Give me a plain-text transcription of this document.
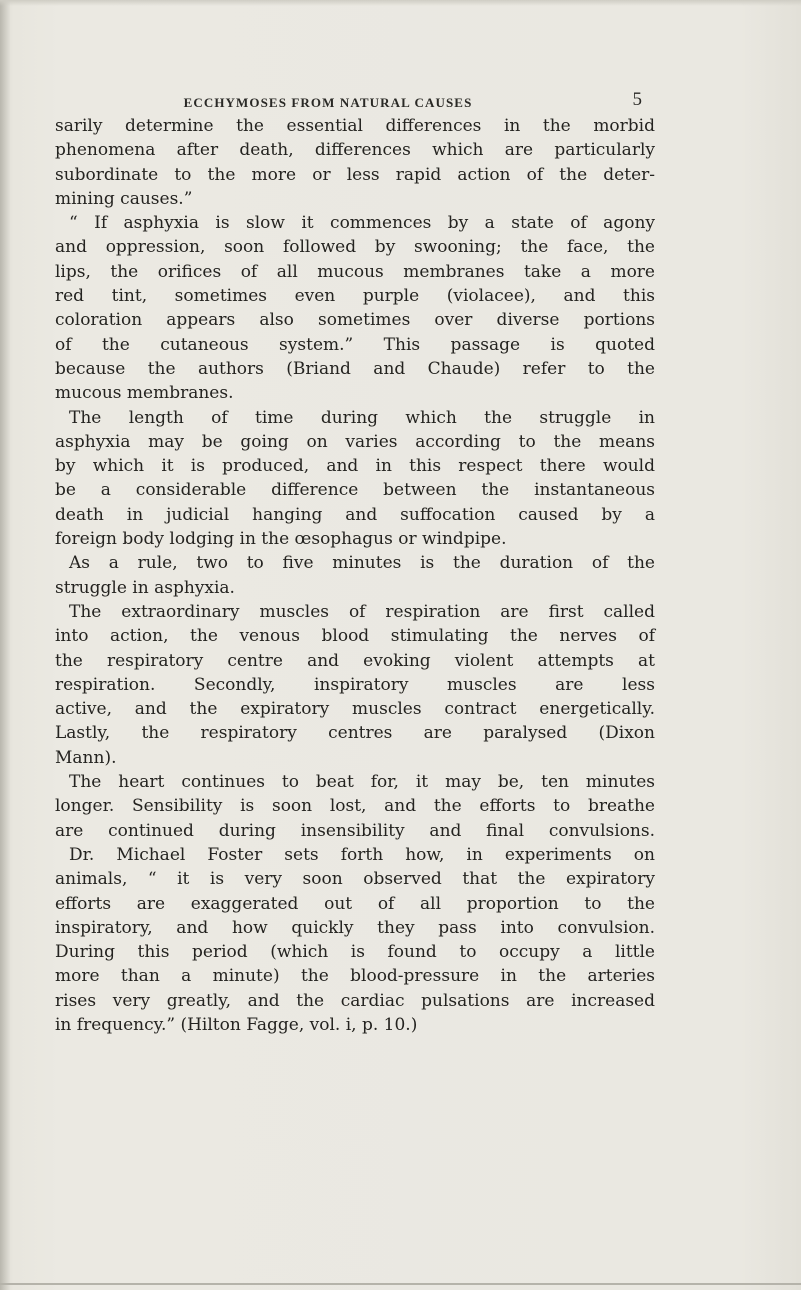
ECCHYMOSES FROM NATURAL CAUSES	5
sarily determine the essential differences in the morbid
phenomena after death, differences which are particularly
subordinate to the more or less rapid action of the deter-
mining causes.”
“ If asphyxia is slow it commences by a state of agony
and oppression, soon followed by swooning; the face, the
lips, the orifices of all mucous membranes take a more
red tint, sometimes even purple (violacee), and this
coloration appears also sometimes over diverse portions
of the cutaneous system.” This passage is quoted
because the authors (Briand and Chaude) refer to the
mucous membranes.
The length of time during which the struggle in
asphyxia may be going on varies according to the means
by which it is produced, and in this respect there would
be a considerable difference between the instantaneous
death in judicial hanging and suffocation caused by a
foreign body lodging in the œsophagus or windpipe.
As a rule, two to five minutes is the duration of the
struggle in asphyxia.
The extraordinary muscles of respiration are first called
into action, the venous blood stimulating the nerves of
the respiratory centre and evoking violent attempts at
respiration. Secondly, inspiratory muscles are less
active, and the expiratory muscles contract energetically.
Lastly, the respiratory centres are paralysed (Dixon
Mann).
The heart continues to beat for, it may be, ten minutes
longer. Sensibility is soon lost, and the efforts to breathe
are continued during insensibility and final convulsions.
Dr. Michael Foster sets forth how, in experiments on
animals, “ it is very soon observed that the expiratory
efforts are exaggerated out of all proportion to the
inspiratory, and how quickly they pass into convulsion.
During this period (which is found to occupy a little
more than a minute) the blood-pressure in the arteries
rises very greatly, and the cardiac pulsations are increased
in frequency.” (Hilton Fagge, vol. i, p. 10.)
